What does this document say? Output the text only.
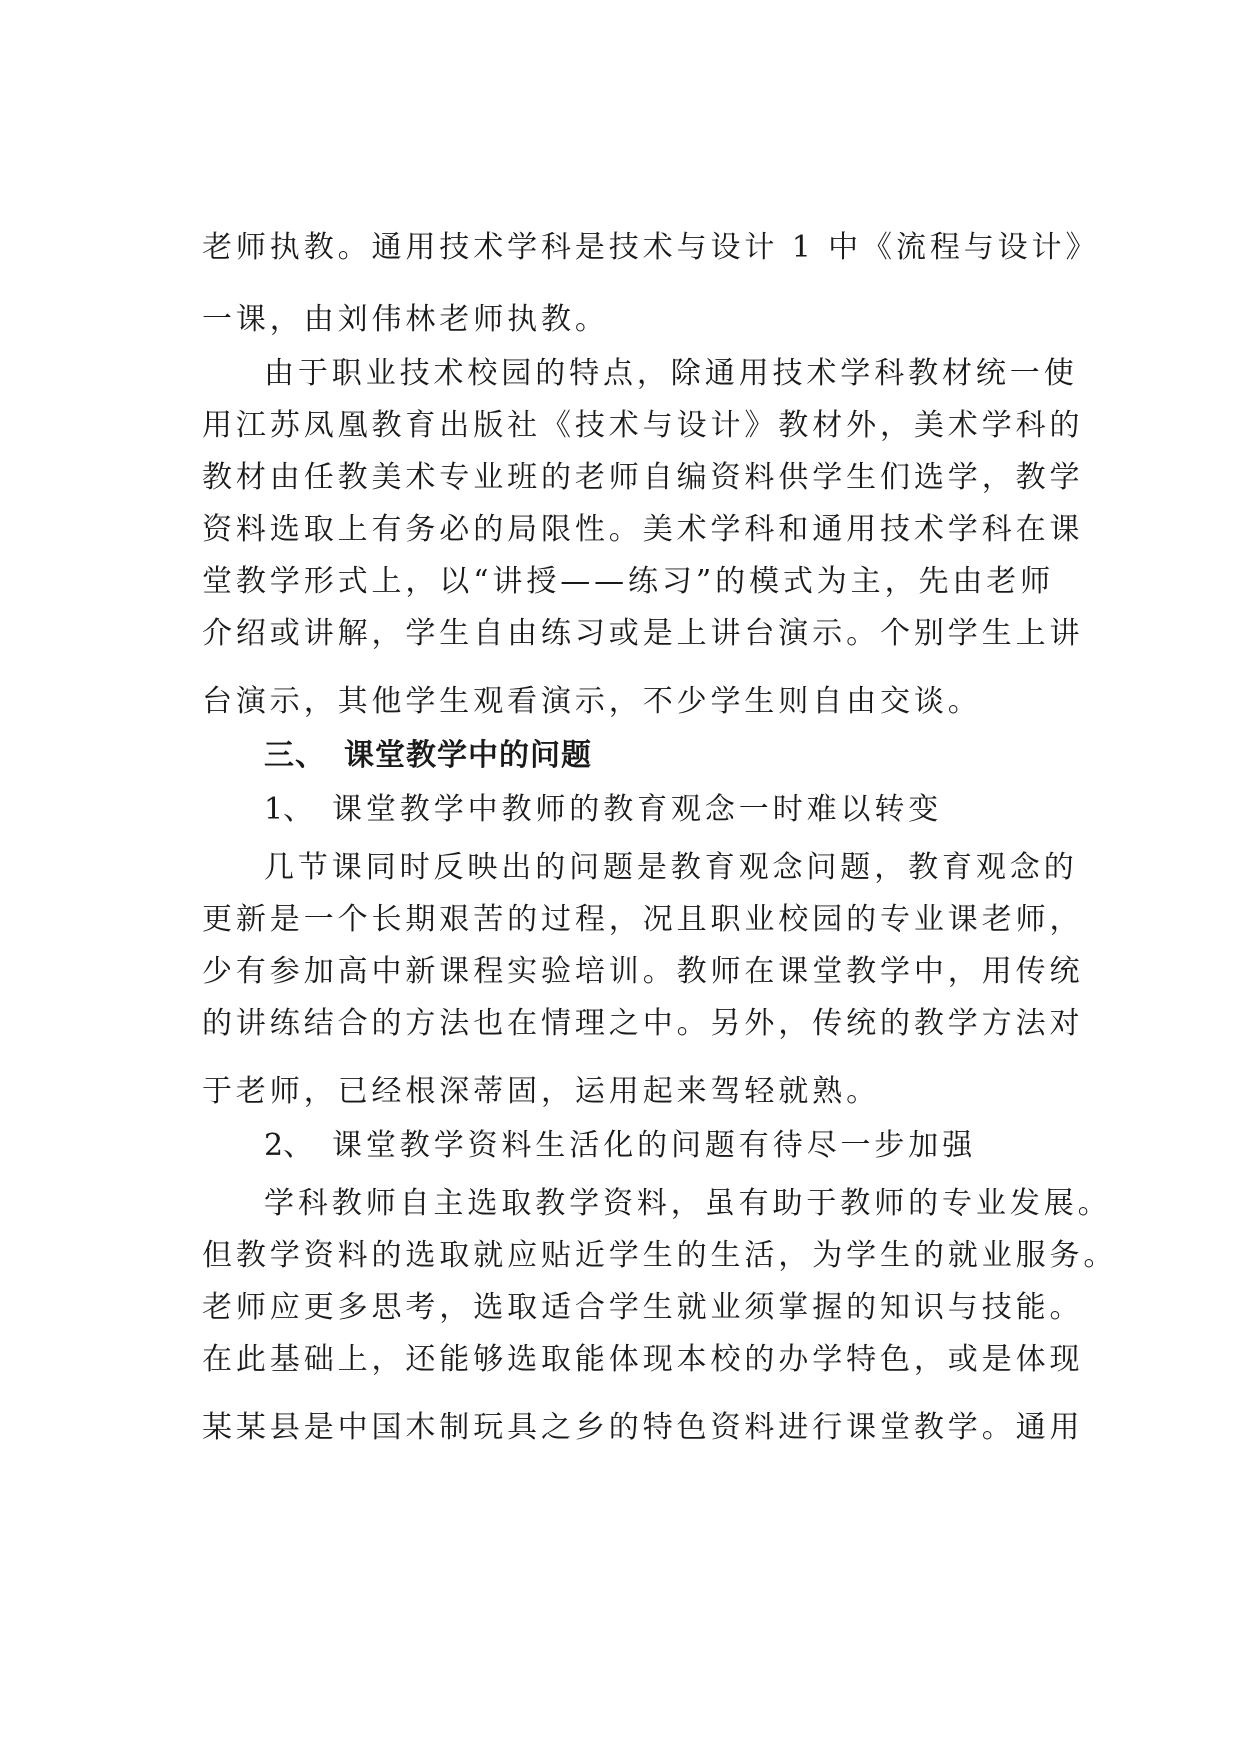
老师执教。通用技术学科是技术与设计 1 中《流程与设计》
一课，由刘伟林老师执教。
由于职业技术校园的特点，除通用技术学科教材统一使
用江苏凤凰教育出版社《技术与设计》教材外，美术学科的
教材由任教美术专业班的老师自编资料供学生们选学，教学
资料选取上有务必的局限性。美术学科和通用技术学科在课
堂教学形式上，以“讲授——练习”的模式为主，先由老师
介绍或讲解，学生自由练习或是上讲台演示。个别学生上讲
台演示，其他学生观看演示，不少学生则自由交谈。
三、 课堂教学中的问题
1、 课堂教学中教师的教育观念一时难以转变
几节课同时反映出的问题是教育观念问题，教育观念的
更新是一个长期艰苦的过程，况且职业校园的专业课老师，
少有参加高中新课程实验培训。教师在课堂教学中，用传统
的讲练结合的方法也在情理之中。另外，传统的教学方法对
于老师，已经根深蒂固，运用起来驾轻就熟。
2、 课堂教学资料生活化的问题有待尽一步加强
学科教师自主选取教学资料，虽有助于教师的专业发展。
但教学资料的选取就应贴近学生的生活，为学生的就业服务。
老师应更多思考，选取适合学生就业须掌握的知识与技能。
在此基础上，还能够选取能体现本校的办学特色，或是体现
某某县是中国木制玩具之乡的特色资料进行课堂教学。通用
